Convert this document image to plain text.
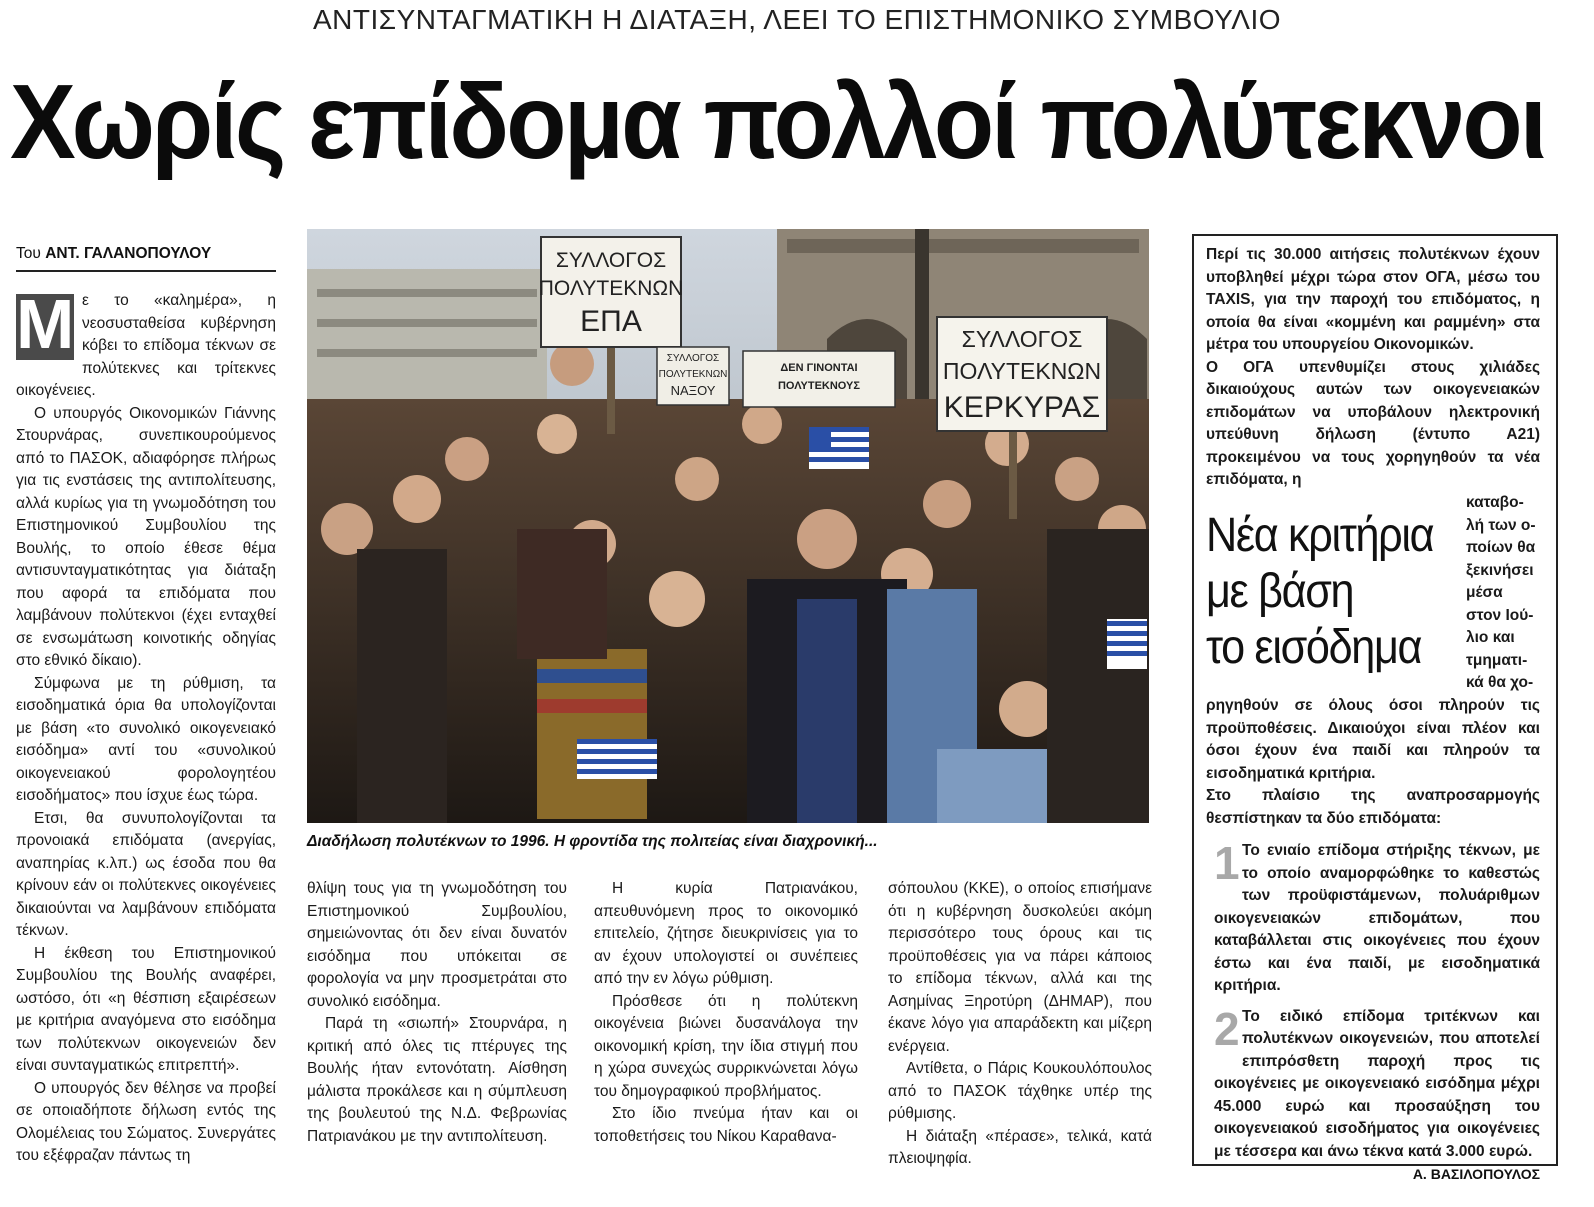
ΑΝΤΙΣΥΝΤΑΓΜΑΤΙΚΗ Η ΔΙΑΤΑΞΗ, ΛΕΕΙ ΤΟ ΕΠΙΣΤΗΜΟΝΙΚΟ ΣΥΜΒΟΥΛΙΟ
Χωρίς επίδομα πολλοί πολύτεκνοι
Του ΑΝΤ. ΓΑΛΑΝΟΠΟΥΛΟΥ

Μ ε το «καλημέρα», η νεοσυσταθείσα κυβέρνηση κόβει το επίδομα τέκνων σε πολύτεκνες και τρίτεκνες οικογένειες.

Ο υπουργός Οικονομικών Γιάννης Στουρνάρας, συνεπικουρούμενος από το ΠΑΣΟΚ, αδιαφόρησε πλήρως για τις ενστάσεις της αντιπολίτευσης, αλλά κυρίως για τη γνωμοδότηση του Επιστημονικού Συμβουλίου της Βουλής, το οποίο έθεσε θέμα αντισυνταγματικότητας για διάταξη που αφορά τα επιδόματα που λαμβάνουν πολύτεκνοι (έχει ενταχθεί σε ενσωμάτωση κοινοτικής οδηγίας στο εθνικό δίκαιο).

Σύμφωνα με τη ρύθμιση, τα εισοδηματικά όρια θα υπολογίζονται με βάση «το συνολικό οικογενειακό εισόδημα» αντί του «συνολικού οικογενειακού φορολογητέου εισοδήματος» που ίσχυε έως τώρα.

Ετσι, θα συνυπολογίζονται τα προνοιακά επιδόματα (ανεργίας, αναπηρίας κ.λπ.) ως έσοδα που θα κρίνουν εάν οι πολύτεκνες οικογένειες δικαιούνται να λαμβάνουν επιδόματα τέκνων.

Η έκθεση του Επιστημονικού Συμβουλίου της Βουλής αναφέρει, ωστόσο, ότι «η θέσπιση εξαιρέσεων με κριτήρια αναγόμενα στο εισόδημα των πολύτεκνων οικογενειών δεν είναι συνταγματικώς επιτρεπτή».

Ο υπουργός δεν θέλησε να προβεί σε οποιαδήποτε δήλωση εντός της Ολομέλειας του Σώματος. Συνεργάτες του εξέφραζαν πάντως τη

ΣΥΛΛΟΓΟΣ
ΠΟΛΥΤΕΚΝΩΝ
ΕΠΑ
ΣΥΛΛΟΓΟΣ
ΠΟΛΥΤΕΚΝΩΝ
ΝΑΞΟΥ
ΔΕΝ ΓΙΝΟΝΤΑΙ
ΠΟΛΥΤΕΚΝΟΥΣ
ΣΥΛΛΟΓΟΣ
ΠΟΛΥΤΕΚΝΩΝ
ΚΕΡΚΥΡΑΣ
Διαδήλωση πολυτέκνων το 1996. Η φροντίδα της πολιτείας είναι διαχρονική...

θλίψη τους για τη γνωμοδότηση του Επιστημονικού Συμβουλίου, σημειώνοντας ότι δεν είναι δυνατόν εισόδημα που υπόκειται σε φορολογία να μην προσμετράται στο συνολικό εισόδημα.

Παρά τη «σιωπή» Στουρνάρα, η κριτική από όλες τις πτέρυγες της Βουλής ήταν εντονότατη. Αίσθηση μάλιστα προκάλεσε και η σύμπλευση της βουλευτού της Ν.Δ. Φεβρωνίας Πατριανάκου με την αντιπολίτευση.

Η κυρία Πατριανάκου, απευθυνόμενη προς το οικονομικό επιτελείο, ζήτησε διευκρινίσεις για το αν έχουν υπολογιστεί οι συνέπειες από την εν λόγω ρύθμιση.

Πρόσθεσε ότι η πολύτεκνη οικογένεια βιώνει δυσανάλογα την οικονομική κρίση, την ίδια στιγμή που η χώρα συνεχώς συρρικνώνεται λόγω του δημογραφικού προβλήματος.

Στο ίδιο πνεύμα ήταν και οι τοποθετήσεις του Νίκου Καραθανα-

σόπουλου (ΚΚΕ), ο οποίος επισήμανε ότι η κυβέρνηση δυσκολεύει ακόμη περισσότερο τους όρους και τις προϋποθέσεις για να πάρει κάποιος το επίδομα τέκνων, αλλά και της Ασημίνας Ξηροτύρη (ΔΗΜΑΡ), που έκανε λόγο για απαράδεκτη και μίζερη ενέργεια.

Αντίθετα, ο Πάρις Κουκουλόπουλος από το ΠΑΣΟΚ τάχθηκε υπέρ της ρύθμισης.

Η διάταξη «πέρασε», τελικά, κατά πλειοψηφία.

Περί τις 30.000 αιτήσεις πολυτέκνων έχουν υποβληθεί μέχρι τώρα στον ΟΓΑ, μέσω του TAXIS, για την παροχή του επιδόματος, η οποία θα είναι «κομμένη και ραμμένη» στα μέτρα του υπουργείου Οικονομικών.

Ο ΟΓΑ υπενθυμίζει στους χιλιάδες δικαιούχους αυτών των οικογενειακών επιδομάτων να υποβάλουν ηλεκτρονική υπεύθυνη δήλωση (έντυπο Α21) προκειμένου να τους χορηγηθούν τα νέα επιδόματα, η

Νέα κριτήρια
με βάση
το εισόδημα
καταβο-
λή των ο-
ποίων θα
ξεκινήσει
μέσα
στον Ιού-
λιο και
τμηματι-
κά θα χο-

ρηγηθούν σε όλους όσοι πληρούν τις προϋποθέσεις. Δικαιούχοι είναι πλέον και όσοι έχουν ένα παιδί και πληρούν τα εισοδηματικά κριτήρια.

Στο πλαίσιο της αναπροσαρμογής θεσπίστηκαν τα δύο επιδόματα:

1 Το ενιαίο επίδομα στήριξης τέκνων, με το οποίο αναμορφώθηκε το καθεστώς των προϋφιστάμενων, πολυάριθμων οικογενειακών επιδομάτων, που καταβάλλεται στις οικογένειες που έχουν έστω και ένα παιδί, με εισοδηματικά κριτήρια.

2 Το ειδικό επίδομα τριτέκνων και πολυτέκνων οικογενειών, που αποτελεί επιπρόσθετη παροχή προς τις οικογένειες με οικογενειακό εισόδημα μέχρι 45.000 ευρώ και προσαύξηση του οικογενειακού εισοδήματος για οικογένειες με τέσσερα και άνω τέκνα κατά 3.000 ευρώ.

Α. ΒΑΣΙΛΟΠΟΥΛΟΣ
